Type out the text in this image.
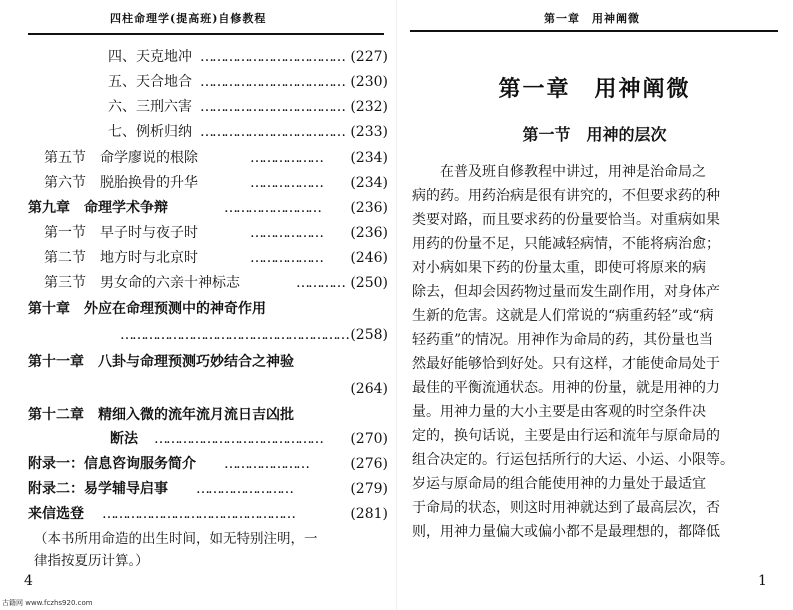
四柱命理学(提高班)自修教程
四、天克地冲 ……………………………… (227)
五、天合地合 ……………………………… (230)
六、三刑六害 ……………………………… (232)
七、例析归纳 ……………………………… (233)
第五节　命学廖说的根除	……………… (234)
第六节　脱胎换骨的升华	……………… (234)
第九章　命理学术争辩	…………………… (236)
第一节　早子时与夜子时	……………… (236)
第二节　地方时与北京时	……………… (246)
第三节　男女命的六亲十神标志	………… (250)
第十章　外应在命理预测中的神奇作用
………………………………………………… (258)
第十一章　八卦与命理预测巧妙结合之神验
(264)
第十二章　精细入微的流年流月流日吉凶批
断法 …………………………………… (270)
附录一：信息咨询服务简介 …………………	(276)
附录二：易学辅导启事 ……………………	(279)
来信选登 …………………………………………	(281)
（本书所用命造的出生时间，如无特别注明，一
律指按夏历计算。）
4
古籍网 www.fczhs920.com
第一章　用神阐微
第一章　用神阐微
第一节　用神的层次
　　在普及班自修教程中讲过，用神是治命局之
病的药。用药治病是很有讲究的，不但要求药的种
类要对路，而且要求药的份量要恰当。对重病如果
用药的份量不足，只能减轻病情，不能将病治愈；
对小病如果下药的份量太重，即使可将原来的病
除去，但却会因药物过量而发生副作用，对身体产
生新的危害。这就是人们常说的“病重药轻”或“病
轻药重”的情况。用神作为命局的药，其份量也当
然最好能够恰到好处。只有这样，才能使命局处于
最佳的平衡流通状态。用神的份量，就是用神的力
量。用神力量的大小主要是由客观的时空条件决
定的，换句话说，主要是由行运和流年与原命局的
组合决定的。行运包括所行的大运、小运、小限等。
岁运与原命局的组合能使用神的力量处于最适宜
于命局的状态，则这时用神就达到了最高层次，否
则，用神力量偏大或偏小都不是最理想的，都降低
1
